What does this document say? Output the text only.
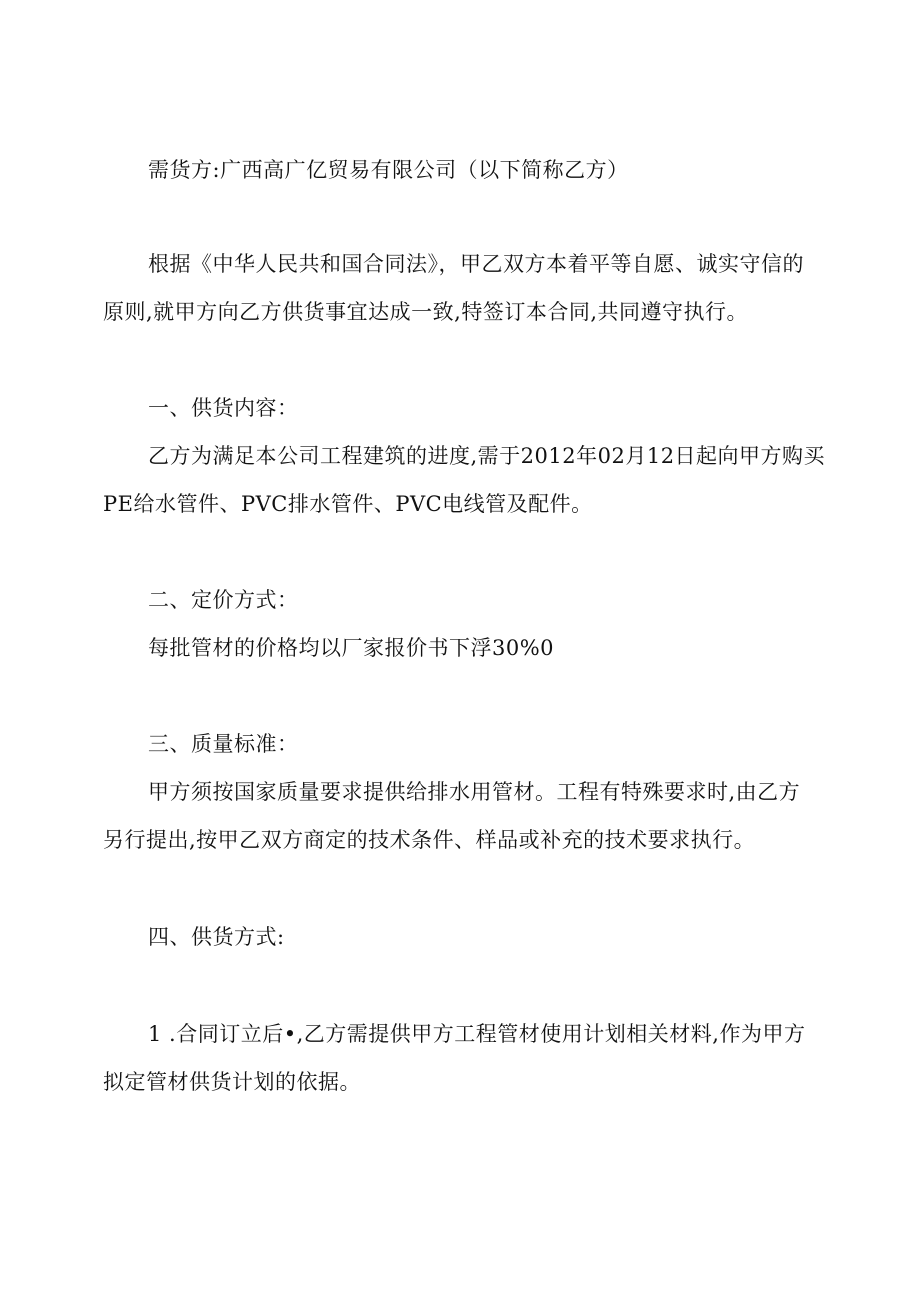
需货方:广西高广亿贸易有限公司（以下简称乙方）
根据《中华人民共和国合同法》，甲乙双方本着平等自愿、诚实守信的
原则,就甲方向乙方供货事宜达成一致,特签订本合同,共同遵守执行。
一、供货内容：
乙方为满足本公司工程建筑的进度,需于2012年02月12日起向甲方购买
PE给水管件、PVC排水管件、PVC电线管及配件。
二、定价方式：
每批管材的价格均以厂家报价书下浮30%0
三、质量标准：
甲方须按国家质量要求提供给排水用管材。工程有特殊要求时,由乙方
另行提出,按甲乙双方商定的技术条件、样品或补充的技术要求执行。
四、供货方式:
1 .合同订立后•,乙方需提供甲方工程管材使用计划相关材料,作为甲方
拟定管材供货计划的依据。
